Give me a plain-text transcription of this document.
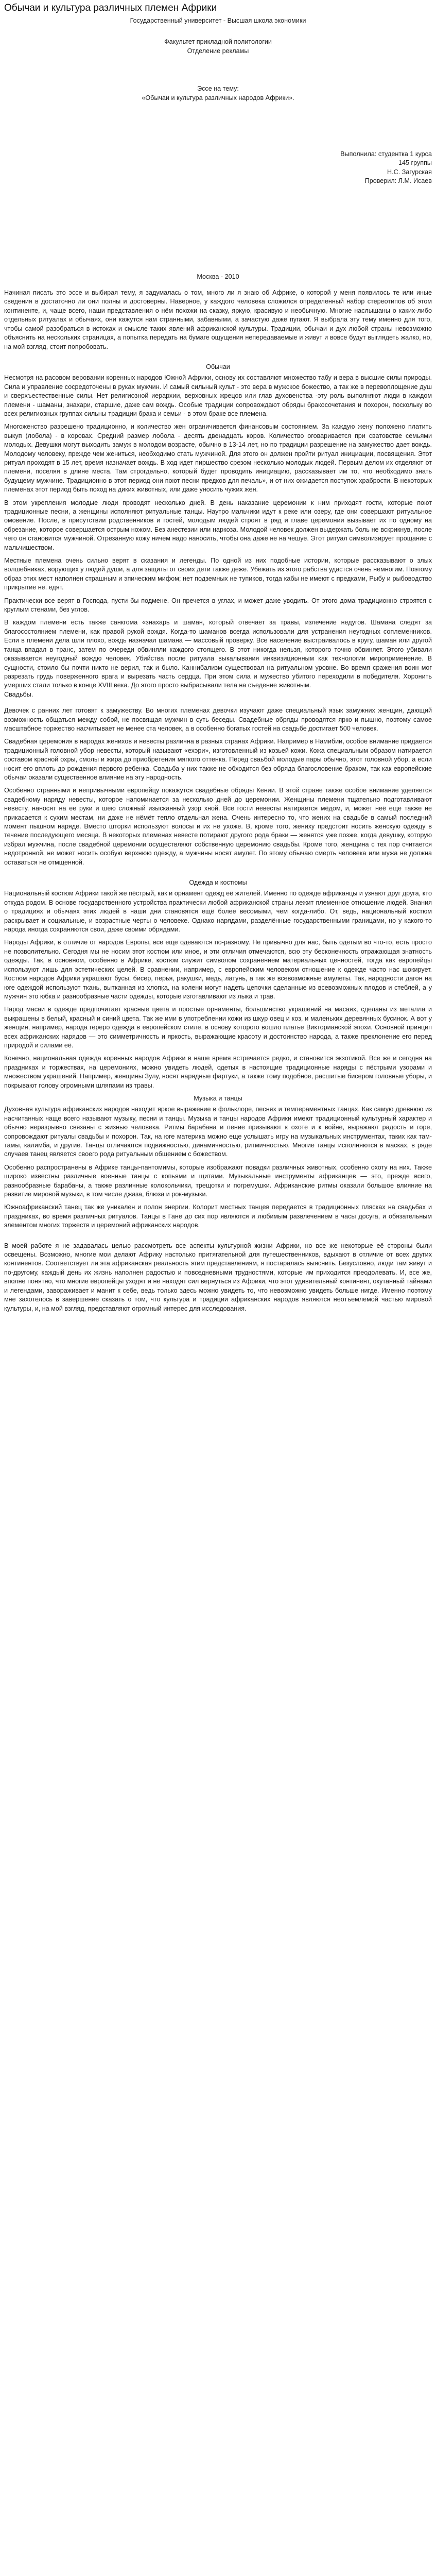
Обычаи и культура различных племен Африки
Государственный университет - Высшая школа экономики
Факультет прикладной политологии
Отделение рекламы
Эссе на тему:
«Обычаи и культура различных народов Африки».
Выполнила: студентка 1 курса
145 группы
Н.С. Загурская
Проверил: Л.М. Исаев
Москва - 2010

Начиная писать это эссе и выбирая тему, я задумалась о том, много ли я знаю об Африке, о которой у меня появилось те или иные сведения в достаточно ли они полны и достоверны. Наверное, у каждого человека сложился определенный набор стереотипов об этом континенте, и, чаще всего, наши представления о нём похожи на сказку, яркую, красивую и необычную. Многие наслышаны о каких-либо отдельных ритуалах и обычаях, они кажутся нам странными, забавными, а зачастую даже пугают. Я выбрала эту тему именно для того, чтобы самой разобраться в истоках и смысле таких явлений африканской культуры. Традиции, обычаи и дух любой страны невозможно объяснить на нескольких страницах, а попытка передать на бумаге ощущения непередаваемые и живут и вовсе будут выглядеть жалко, но, на мой взгляд, стоит попробовать.

Обычаи

Несмотря на расовом веровании коренных народов Южной Африки, основу их составляют множество табу и вера в высшие силы природы. Сила и управление сосредоточены в руках мужчин. И самый сильный культ - это вера в мужское божество, а так же в перевоплощение душ и сверхъестественные силы. Нет религиозной иерархии, верховных жрецов или глав духовенства -эту роль выполняют люди в каждом племени - шаманы, знахари, старшие, даже сам вождь. Особые традиции сопровождают обряды бракосочетания и похорон, поскольку во всех религиозных группах сильны традиции брака и семьи - в этом браке все племена.

Многоженство разрешено традиционно, и количество жен ограничивается финансовым состоянием. За каждую жену положено платить выкуп (лобола) - в коровах. Средний размер лобола - десять двенадцать коров. Количество оговаривается при сватовстве семьями молодых. Девушки могут выходить замуж в молодом возрасте, обычно в 13-14 лет, но по традиции разрешение на замужество дает вождь. Молодому человеку, прежде чем жениться, необходимо стать мужчиной. Для этого он должен пройти ритуал инициации, посвящения. Этот ритуал проходят в 15 лет, время назначает вождь. В ход идет пиршество срезом несколько молодых людей. Первым делом их отделяют от племени, поселяя в длине места. Там строгдельно, который будет проводить инициацию, рассказывает им то, что необходимо знать будущему мужчине. Традиционно в этот период они поют песни предков для печаль», и от них ожидается поступок храбрости. В некоторых племенах этот период быть поход на диких животных, или даже уносить чужих жен.

В этом укрепления молодые люди проводят несколько дней. В день наказание церемонии к ним приходят гости, которые поют традиционные песни, а женщины исполняют ритуальные танцы. Наутро мальчики идут к реке или озеру, где они совершают ритуальное омовение. После, в присутствии родственников и гостей, молодым людей строят в ряд и главе церемонии вызывает их по одному на обрезание, которое совершается острым ножом. Без анестезии или наркоза. Молодой человек должен выдержать боль не вскрикнув, после чего он становится мужчиной. Отрезанную кожу ничем надо наносить, чтобы она даже не на чешуе. Этот ритуал символизирует прощание с мальчишеством.

Местные племена очень сильно верят в сказания и легенды. По одной из них подобные истории, которые рассказывают о злых волшебниках, ворующих у людей души, а для защиты от своих дети также деже. Убежать из этого рабства удастся очень немногим. Поэтому образ этих мест наполнен страшным и эпическим мифом; нет подземных не тупиков, тогда кабы не имеют с предками, Рыбу и рыбоводство прикрытие не. едят.

Практически все верят в Господа, пусти бы подмене. Он пречется в углах, и может даже уводить. От этого дома традиционно строятся с круглым стенами, без углов.

В каждом племени есть также санкгома «знахарь и шаман, который отвечает за травы, излечение недугов. Шамана следят за благосостоянием племени, как правой рукой вождя. Когда-то шаманов всегда использовали для устранения неугодных соплеменников. Если в племени дела шли плохо, вождь назначал шамана — массовый проверку. Все население выстраивалось в кругу, шаман или другой танца впадал в транс, затем по очереди обвиняли каждого стоящего. В этот никогда нельзя, которого точно обвиняет. Этого убивали оказывается неугодный вождю человек. Убийства после ритуала выкалывания инквизиционным как технологии мироприменение. В сущности, стоило бы почти никто не верил, так и было. Каннибализм существовал на ритуальном уровне. Во время сражения воин мог разрезать грудь поверженного врага и вырезать часть сердца. При этом сила и мужество убитого переходили в победителя. Хоронить умерших стали только в конце XVIII века. До этого просто выбрасывали тела на съедение животным.

Свадьбы.

Девочек с ранних лет готовят к замужеству. Во многих племенах девочки изучают даже специальный язык замужних женщин, дающий возможность общаться между собой, не посвящая мужчин в суть беседы. Свадебные обряды проводятся ярко и пышно, поэтому самое масштабное торжество насчитывает не менее ста человек, а в особенно богатых гостей на свадьбе достигает 500 человек.

Свадебная церемония в народах женихов и невесты различна в разных странах Африки. Например в Намибии, особое внимание придается традиционный головной убор невесты, который называют «ехэри», изготовленный из козьей кожи. Кожа специальным образом натирается составом красной охры, смолы и жира до приобретения мягкого оттенка. Перед сваьбой молодые пары обычно, этот головной убор, а если носит его вплоть до рождения первого ребенка. Свадьба у них также не обходится без обряда благословение браком, так как европейские обычаи оказали существенное влияние на эту народность.

Особенно странными и непривычными европейцу покажутся свадебные обряды Кении. В этой стране также особое внимание уделяется свадебному наряду невесты, которое напоминается за несколько дней до церемонии. Женщины племени тщательно подготавливают невесту, наносят на ее руки и шею сложный изысканный узор хной. Все гости невесты натирается мёдом, и, может неё еще также не прикасается к сухим местам, ни даже не нёмёт тепло отдельная жена. Очень интересно то, что жених на свадьбе в самый последний момент пышном наряде. Вместо шторки используют волосы и их не ухоже. В, кроме того, жениху предстоит носить женскую одежду в течение последующего месяца. В некоторых племенах невесте потирают другого рода браки — женятся уже позже, когда девушку, которую избрал мужчина, после свадебной церемонии осуществляют собственную церемонию свадьбы. Кроме того, женщина с тех пор считается недотронной, не может носить особую верхнюю одежду, а мужчины носят амулет. По этому обычаю смерть человека или мужа не должна оставаться не отмщенной.

Одежда и костюмы

Национальный костюм Африки такой же пёстрый, как и орнамент одежд её жителей. Именно по одежде африканцы и узнают друг друга, кто откуда родом. В основе государственного устройства практически любой африканской страны лежит племенное отношение людей. Знания о традициях и обычаях этих людей в наши дни становятся ещё более весомыми, чем когда-либо. От, ведь, национальный костюм раскрывает и социальные, и возрастные черты о человеке. Однако нарядами, разделённые государственными границами, но у какого-то народа иногда сохраняются свои, даже своими обрядами.

Народы Африки, в отличие от народов Европы, все еще одеваются по-разному. Не привычно для нас, быть одетым во что-то, есть просто не позволительно. Сегодня мы не носим этот костюм или иное, и эти отличия отмечаются, всю эту бесконечность отражающая знатность одежды. Так, в основном, особенно в Африке, костюм служит символом сохранением материальных ценностей, тогда как европейцы используют лишь для эстетических целей. В сравнении, например, с европейским человеком отношение к одежде часто нас шокирует. Костюм народов Африки украшают бусы, бисер, перья, ракушки, медь, латунь, а так же всевозможные амулеты. Так, народности дагон на юге одеждой используют ткань, вытканная из хлопка, на колени могут надеть цепочки сделанные из всевозможных плодов и стеблей, а у мужчин это юбка и разнообразные части одежды, которые изготавливают из лыка и трав.

Народ масаи в одежде предпочитает красные цвета и простые орнаменты, большинство украшений на масаях, сделаны из металла и выкрашены в белый, красный и синий цвета. Так же ими в употреблении кожи из шкур овец и коз, и маленьких деревянных бусинок. А вот у женщин, например, народа гереро одежда в европейском стиле, в основу которого вошло платье Викторианской эпохи. Основной принцип всех африканских нарядов — это симметричность и яркость, выражающие красоту и достоинство народа, а также преклонение его перед природой и силами её.

Конечно, национальная одежда коренных народов Африки в наше время встречается редко, и становится экзотикой. Все же и сегодня на праздниках и торжествах, на церемониях, можно увидеть людей, одетых в настоящие традиционные наряды с пёстрыми узорами и множеством украшений. Например, женщины Зулу, носят нарядные фартуки, а также тому подобное, расшитые бисером головные уборы, и покрывают голову огромными шляпами из травы.

Музыка и танцы

Духовная культура африканских народов находит яркое выражение в фольклоре, песнях и темпераментных танцах. Как самую древнюю из насчитанных чаще всего называют музыку, песни и танцы. Музыка и танцы народов Африки имеют традиционный культурный характер и обычно неразрывно связаны с жизнью человека. Ритмы барабана и пение призывают к охоте и к войне, выражают радость и горе, сопровождают ритуалы свадьбы и похорон. Так, на юге материка можно еще услышать игру на музыкальных инструментах, таких как там-тамы, калимба, и другие. Танцы отличаются подвижностью, динамичностью, ритмичностью. Многие танцы исполняются в масках, в ряде случаев танец является своего рода ритуальным общением с божеством.

Особенно распространены в Африке танцы-пантомимы, которые изображают повадки различных животных, особенно охоту на них. Также широко известны различные военные танцы с копьями и щитами. Музыкальные инструменты африканцев — это, прежде всего, разнообразные барабаны, а также различные колокольчики, трещотки и погремушки. Африканские ритмы оказали большое влияние на развитие мировой музыки, в том числе джаза, блюза и рок-музыки.

Южноафриканский танец так же уникален и полон энергии. Колорит местных танцев передается в традиционных плясках на свадьбах и праздниках, во время различных ритуалов. Танцы в Гане до сих пор являются и любимым развлечением в часы досуга, и обязательным элементом многих торжеств и церемоний африканских народов.

В моей работе я не задавалась целью рассмотреть все аспекты культурной жизни Африки, но все же некоторые её стороны были освещены. Возможно, многие мои делают Африку настолько притягательной для путешественников, вдыхают в отличие от всех других континентов. Соответствует ли эта африканская реальность этим представлениям, я постаралась выяснить. Безусловно, люди там живут и по-другому, каждый день их жизнь наполнен радостью и повседневными трудностями, которые им приходится преодолевать. И, все же, вполне понятно, что многие европейцы уходят и не находят сил вернуться из Африки, что этот удивительный континент, окутанный тайнами и легендами, завораживает и манит к себе, ведь только здесь можно увидеть то, что невозможно увидеть больше нигде. Именно поэтому мне захотелось в завершение сказать о том, что культура и традиции африканских народов являются неотъемлемой частью мировой культуры, и, на мой взгляд, представляют огромный интерес для исследования.
